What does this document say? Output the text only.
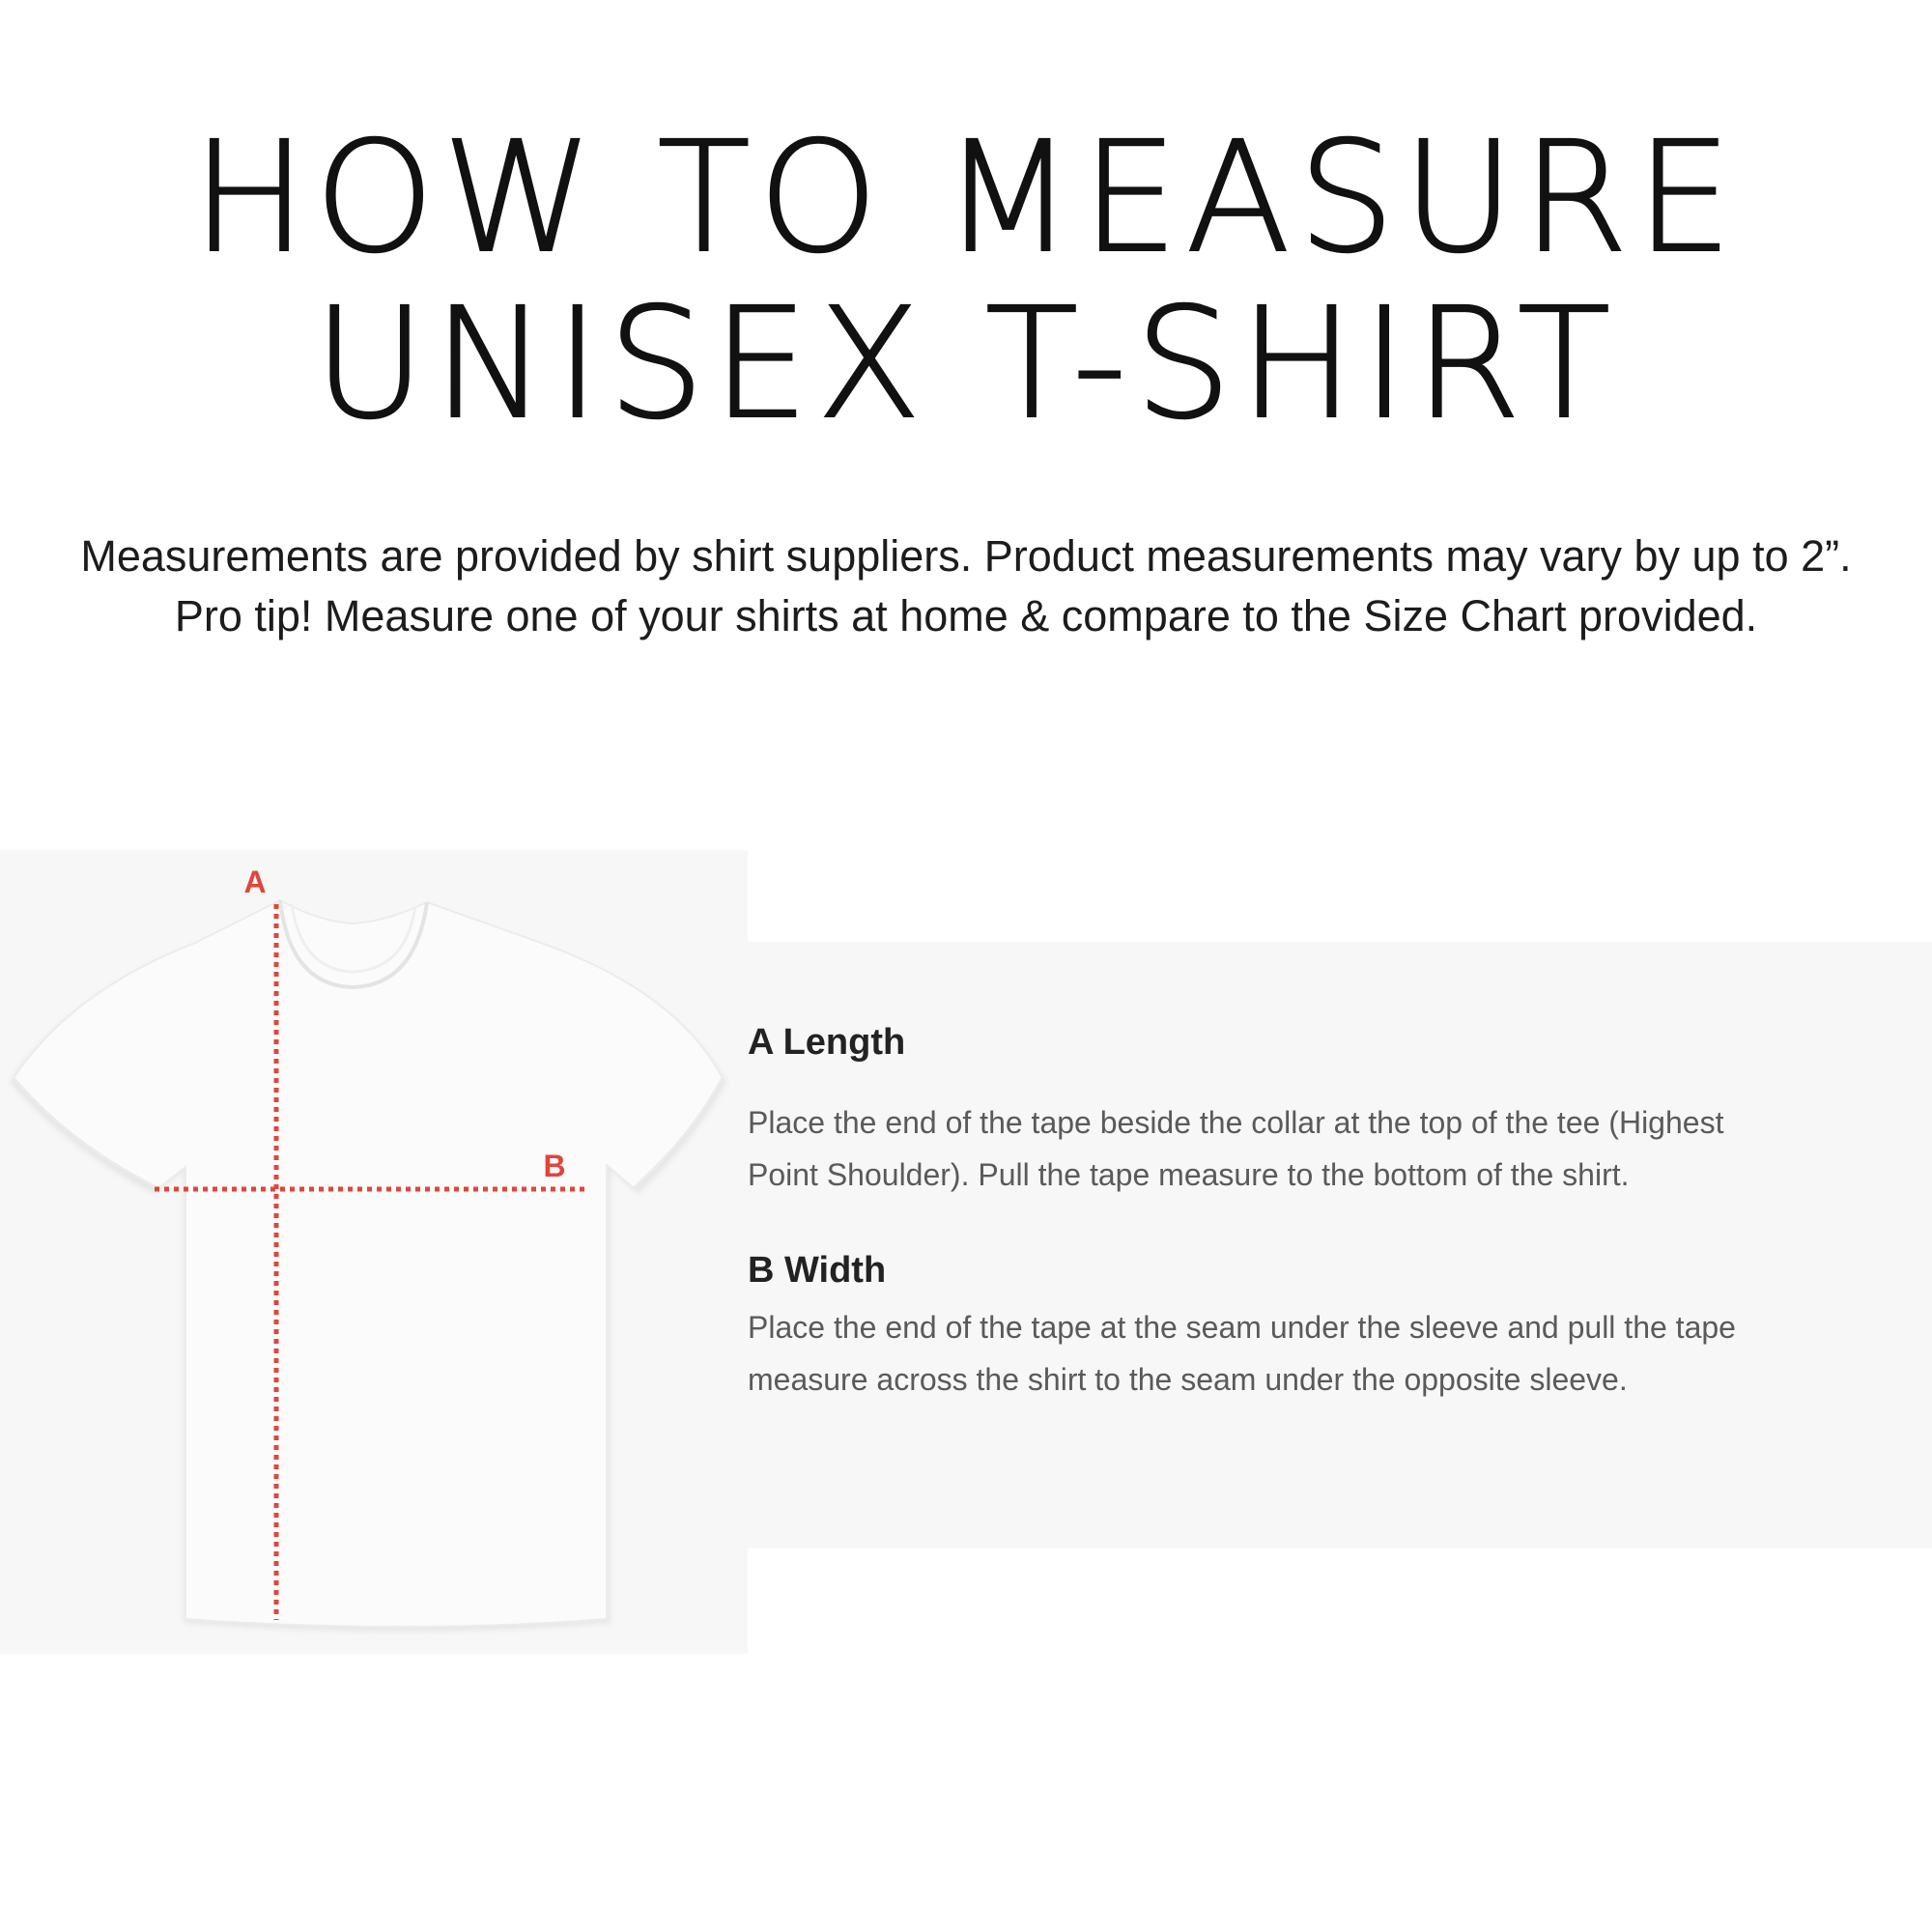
HOW TO MEASURE
UNISEX T-SHIRT
Measurements are provided by shirt suppliers. Product measurements may vary by up to 2”.
Pro tip! Measure one of your shirts at home & compare to the Size Chart provided.
A
B
A Length
Place the end of the tape beside the collar at the top of the tee (Highest
Point Shoulder). Pull the tape measure to the bottom of the shirt.
B Width
Place the end of the tape at the seam under the sleeve and pull the tape
measure across the shirt to the seam under the opposite sleeve.
